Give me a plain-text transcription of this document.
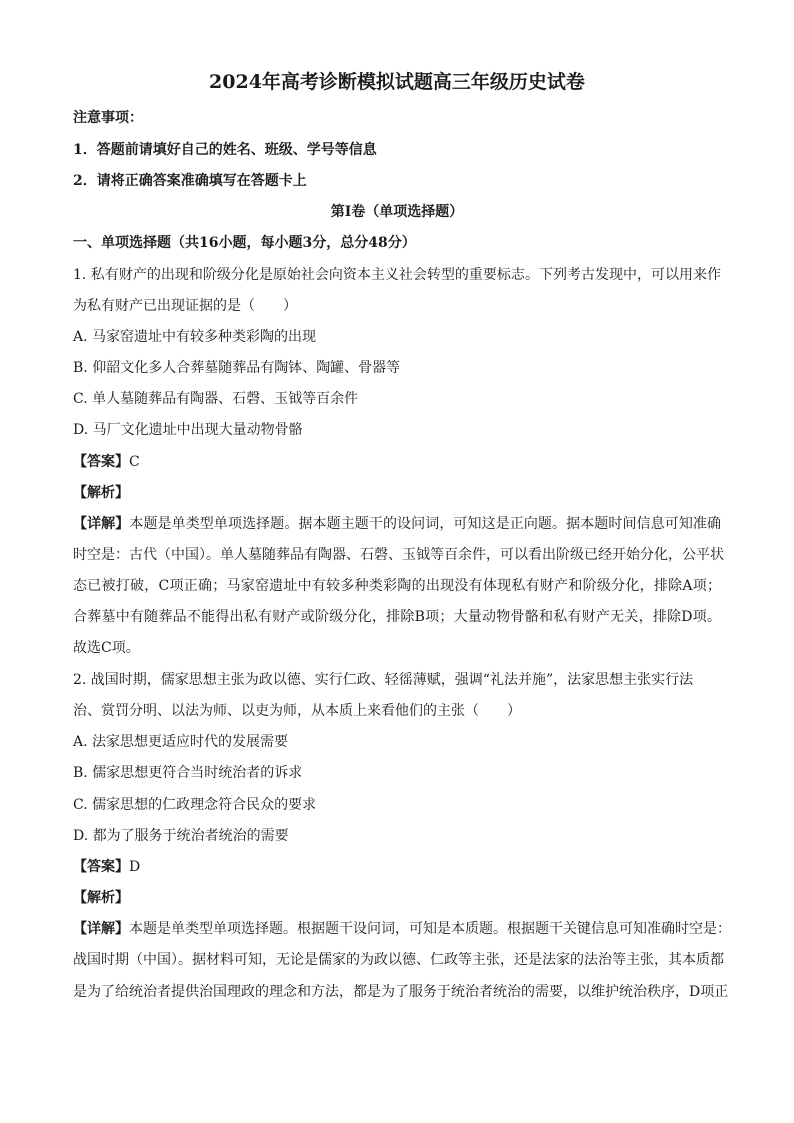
2024年高考诊断模拟试题高三年级历史试卷
注意事项：
1．答题前请填好自己的姓名、班级、学号等信息
2．请将正确答案准确填写在答题卡上
第Ⅰ卷（单项选择题）
一、单项选择题（共16小题，每小题3分，总分48分）
1. 私有财产的出现和阶级分化是原始社会向资本主义社会转型的重要标志。下列考古发现中，可以用来作
为私有财产已出现证据的是（　　）
A. 马家窑遗址中有较多种类彩陶的出现
B. 仰韶文化多人合葬墓随葬品有陶钵、陶罐、骨器等
C. 单人墓随葬品有陶器、石磬、玉钺等百余件
D. 马厂文化遗址中出现大量动物骨骼
【答案】C
【解析】
【详解】本题是单类型单项选择题。据本题主题干的设问词，可知这是正向题。据本题时间信息可知准确
时空是：古代（中国）。单人墓随葬品有陶器、石磬、玉钺等百余件，可以看出阶级已经开始分化，公平状
态已被打破，C项正确；马家窑遗址中有较多种类彩陶的出现没有体现私有财产和阶级分化，排除A项；
合葬墓中有随葬品不能得出私有财产或阶级分化，排除B项；大量动物骨骼和私有财产无关，排除D项。
故选C项。
2. 战国时期，儒家思想主张为政以德、实行仁政、轻徭薄赋，强调“礼法并施”，法家思想主张实行法
治、赏罚分明、以法为师、以吏为师，从本质上来看他们的主张（　　）
A. 法家思想更适应时代的发展需要
B. 儒家思想更符合当时统治者的诉求
C. 儒家思想的仁政理念符合民众的要求
D. 都为了服务于统治者统治的需要
【答案】D
【解析】
【详解】本题是单类型单项选择题。根据题干设问词，可知是本质题。根据题干关键信息可知准确时空是：
战国时期（中国）。据材料可知，无论是儒家的为政以德、仁政等主张，还是法家的法治等主张，其本质都
是为了给统治者提供治国理政的理念和方法，都是为了服务于统治者统治的需要，以维护统治秩序，D项正
